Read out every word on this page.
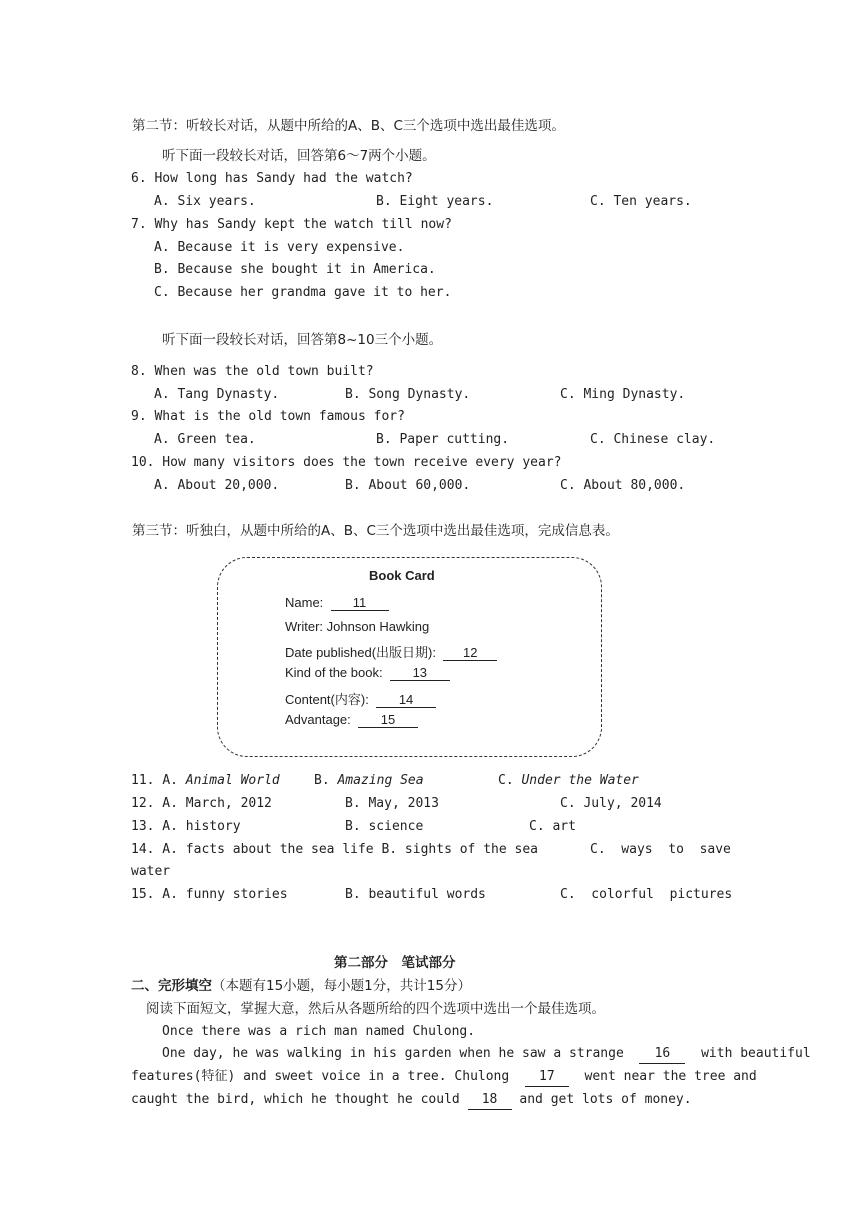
第二节：听较长对话，从题中所给的A、B、C三个选项中选出最佳选项。
听下面一段较长对话，回答第6～7两个小题。
6. How long has Sandy had the watch?
A. Six years.	B. Eight years.	C. Ten years.
7. Why has Sandy kept the watch till now?
A. Because it is very expensive.
B. Because she bought it in America.
C. Because her grandma gave it to her.
听下面一段较长对话，回答第8~10三个小题。
8. When was the old town built?
A. Tang Dynasty.	B. Song Dynasty.	C. Ming Dynasty.
9. What is the old town famous for?
A. Green tea.	B. Paper cutting.	C. Chinese clay.
10. How many visitors does the town receive every year?
A. About 20,000.	B. About 60,000.	C. About 80,000.
第三节：听独白，从题中所给的A、B、C三个选项中选出最佳选项，完成信息表。
Book Card
Name: 11
Writer: Johnson Hawking
Date published(出版日期): 12
Kind of the book: 13
Content(内容): 14
Advantage: 15
11. A. Animal World	B. Amazing Sea	C. Under the Water
12. A. March, 2012	B. May, 2013	C. July, 2014
13. A. history	B. science	C. art
14. A. facts about the sea life B. sights of the sea	C.  ways  to  save
water
15. A. funny stories	B. beautiful words	C.  colorful  pictures
第二部分　笔试部分
二、完形填空（本题有15小题，每小题1分，共计15分）
阅读下面短文，掌握大意，然后从各题所给的四个选项中选出一个最佳选项。
Once there was a rich man named Chulong.
One day, he was walking in his garden when he saw a strange 16 with beautiful
features(特征) and sweet voice in a tree. Chulong 17 went near the tree and
caught the bird, which he thought he could 18 and get lots of money.
